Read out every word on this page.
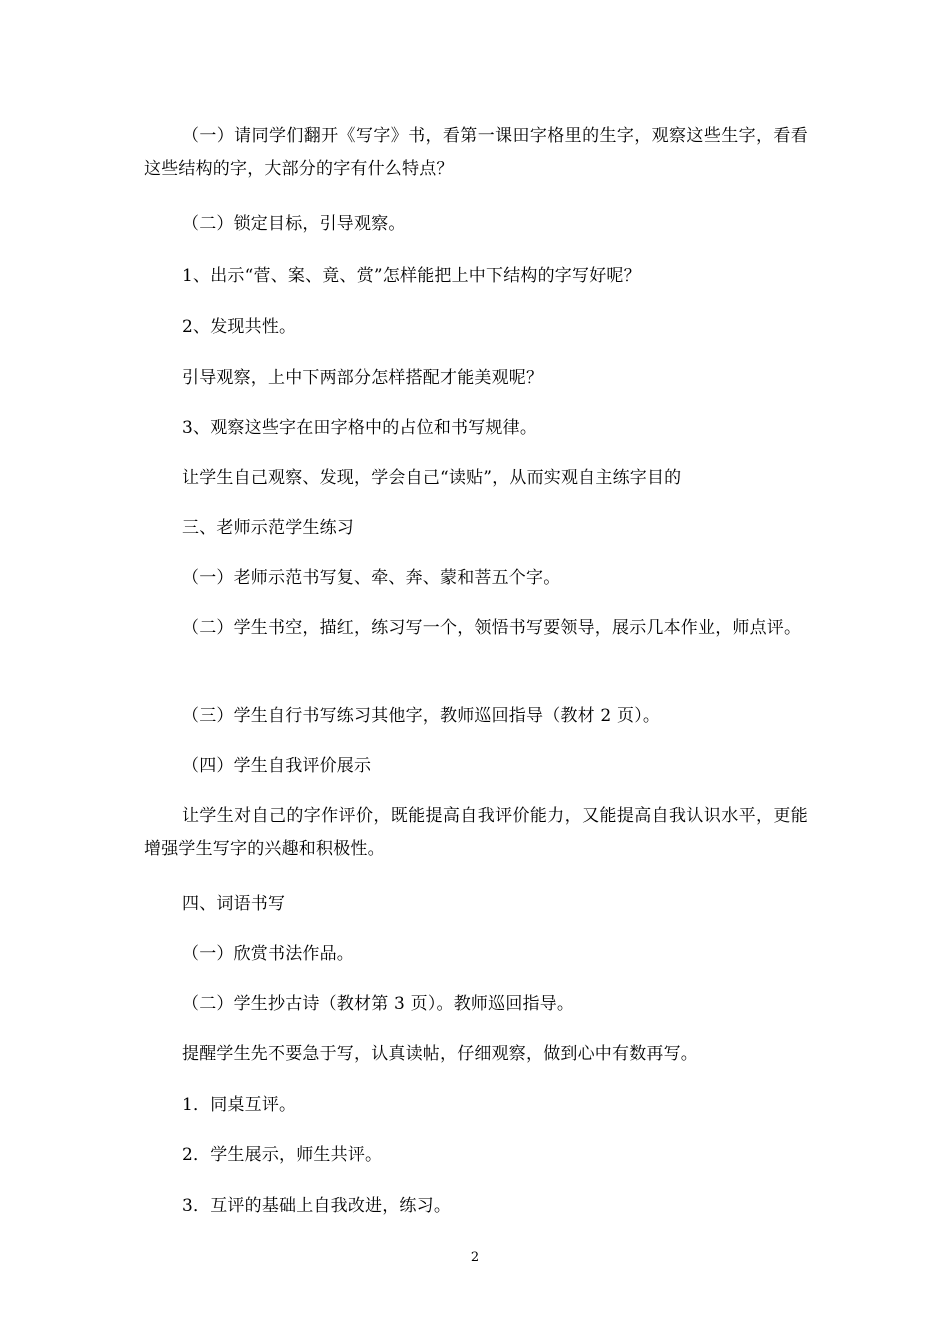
（一）请同学们翻开《写字》书，看第一课田字格里的生字，观察这些生字，看看这些结构的字，大部分的字有什么特点？

（二）锁定目标，引导观察。

1、出示“菅、案、竟、赏”怎样能把上中下结构的字写好呢？

2、发现共性。

引导观察，上中下两部分怎样搭配才能美观呢？

3、观察这些字在田字格中的占位和书写规律。

让学生自己观察、发现，学会自己“读贴”，从而实观自主练字目的

三、老师示范学生练习

（一）老师示范书写复、牵、奔、蒙和菩五个字。

（二）学生书空，描红，练习写一个，领悟书写要领导，展示几本作业，师点评。

（三）学生自行书写练习其他字，教师巡回指导（教材 2 页）。

（四）学生自我评价展示

让学生对自己的字作评价，既能提高自我评价能力，又能提高自我认识水平，更能增强学生写字的兴趣和积极性。

四、词语书写

（一）欣赏书法作品。

（二）学生抄古诗（教材第 3 页）。教师巡回指导。

提醒学生先不要急于写，认真读帖，仔细观察，做到心中有数再写。

1．同桌互评。

2．学生展示，师生共评。

3．互评的基础上自我改进，练习。

2
